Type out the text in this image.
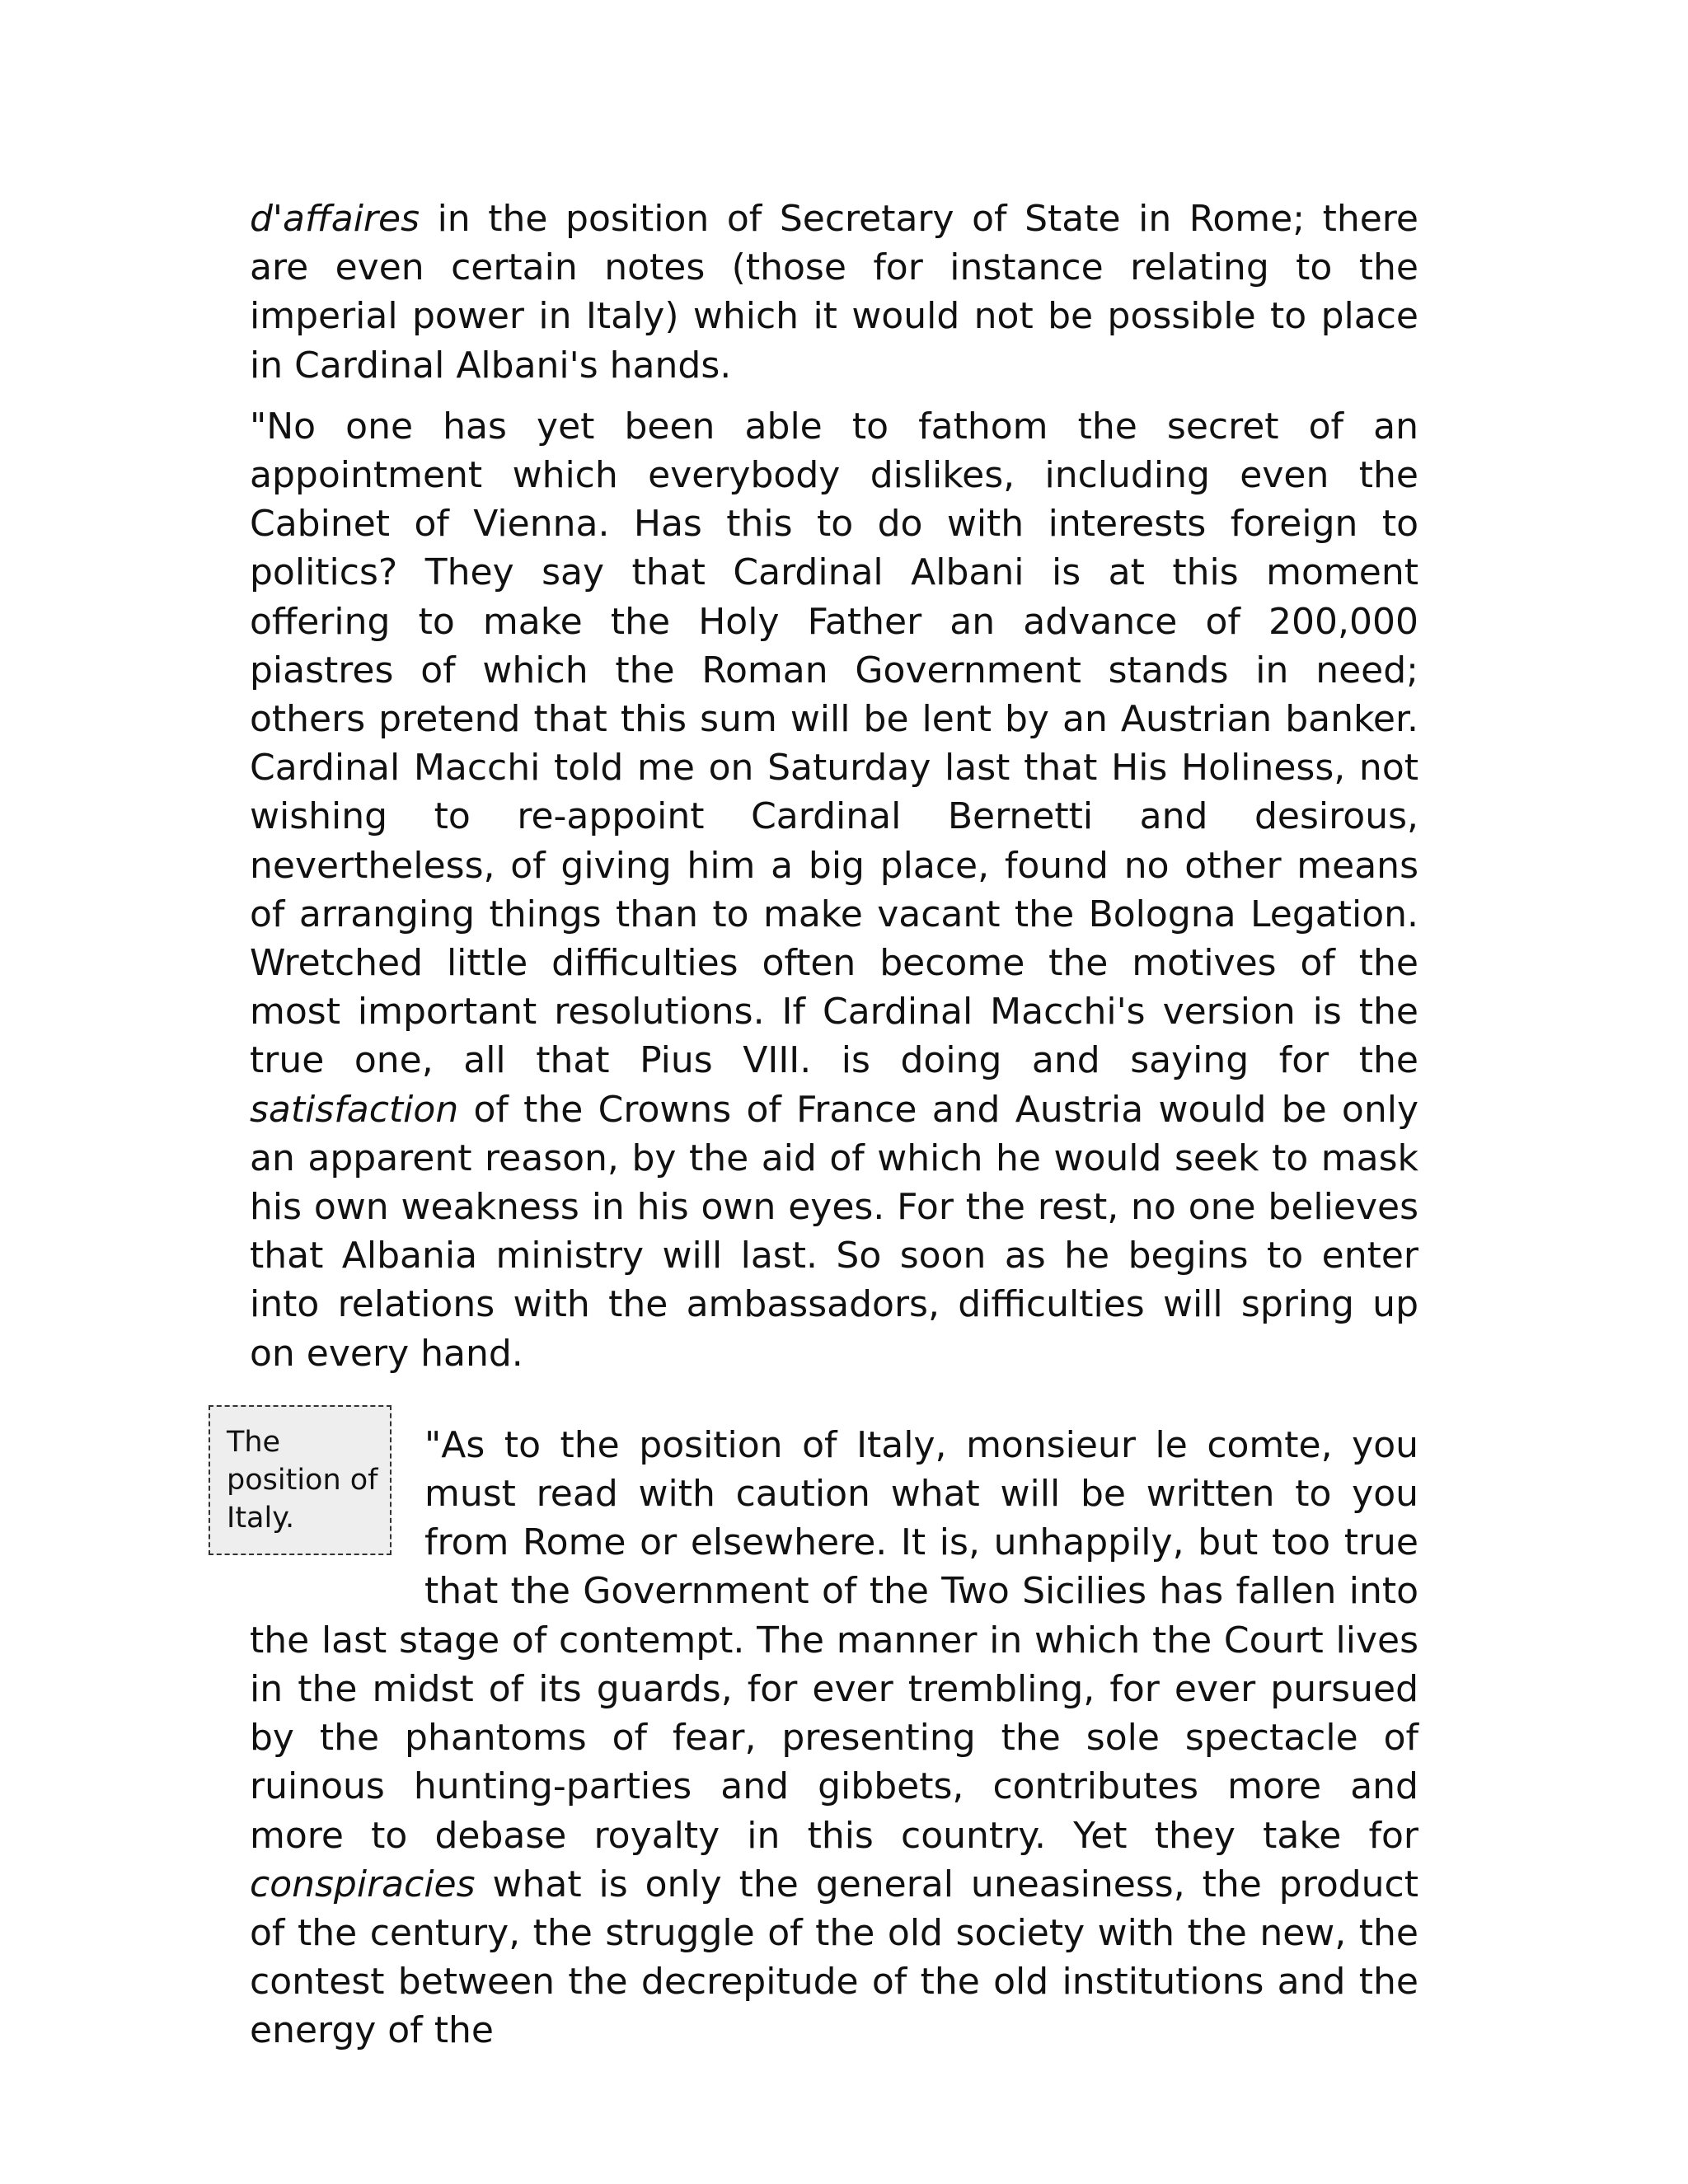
d'affaires in the position of Secretary of State in Rome; there are even certain notes (those for instance relating to the imperial power in Italy) which it would not be possible to place in Cardinal Albani's hands.

"No one has yet been able to fathom the secret of an appointment which everybody dislikes, including even the Cabinet of Vienna. Has this to do with interests foreign to politics? They say that Cardinal Albani is at this moment offering to make the Holy Father an advance of 200,000 piastres of which the Roman Government stands in need; others pretend that this sum will be lent by an Austrian banker. Cardinal Macchi told me on Saturday last that His Holiness, not wishing to re-appoint Cardinal Bernetti and desirous, nevertheless, of giving him a big place, found no other means of arranging things than to make vacant the Bologna Legation. Wretched little difficulties often become the motives of the most important resolutions. If Cardinal Macchi's version is the true one, all that Pius VIII. is doing and saying for the satisfaction of the Crowns of France and Austria would be only an apparent reason, by the aid of which he would seek to mask his own weakness in his own eyes. For the rest, no one believes that Albania ministry will last. So soon as he begins to enter into relations with the ambassadors, difficulties will spring up on every hand.

"As to the position of Italy, monsieur le comte, you must read with caution what will be written to you from Rome or elsewhere. It is, unhappily, but too true that the Government of the Two Sicilies has fallen into the last stage of contempt. The manner in which the Court lives in the midst of its guards, for ever trembling, for ever pursued by the phantoms of fear, presenting the sole spectacle of ruinous hunting-parties and gibbets, contributes more and more to debase royalty in this country. Yet they take for conspiracies what is only the general uneasiness, the product of the century, the struggle of the old society with the new, the contest between the decrepitude of the old institutions and the energy of the

The position of Italy.
